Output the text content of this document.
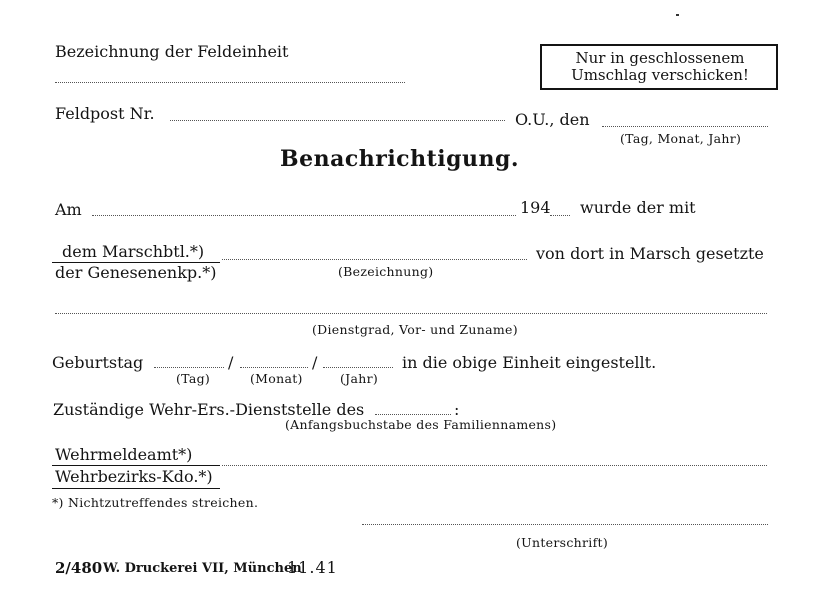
Bezeichnung der Feldeinheit	Nur in geschlossenem
Umschlag verschicken!
Feldpost Nr.	O.U., den
(Tag, Monat, Jahr)
Benachrichtigung.
Am	194 wurde der mit
dem Marschbtl.*)	von dort in Marsch gesetzte
der Genesenenkp.*)	(Bezeichnung)
(Dienstgrad, Vor- und Zuname)
Geburtstag	/	/	in die obige Einheit eingestellt.
(Tag)	(Monat)	(Jahr)
Zuständige Wehr-Ers.-Dienststelle des	:
(Anfangsbuchstabe des Familiennamens)
Wehrmeldeamt*)
Wehrbezirks-Kdo.*)
*) Nichtzutreffendes streichen.
(Unterschrift)
2/480 W. Druckerei VII, München
11.41
